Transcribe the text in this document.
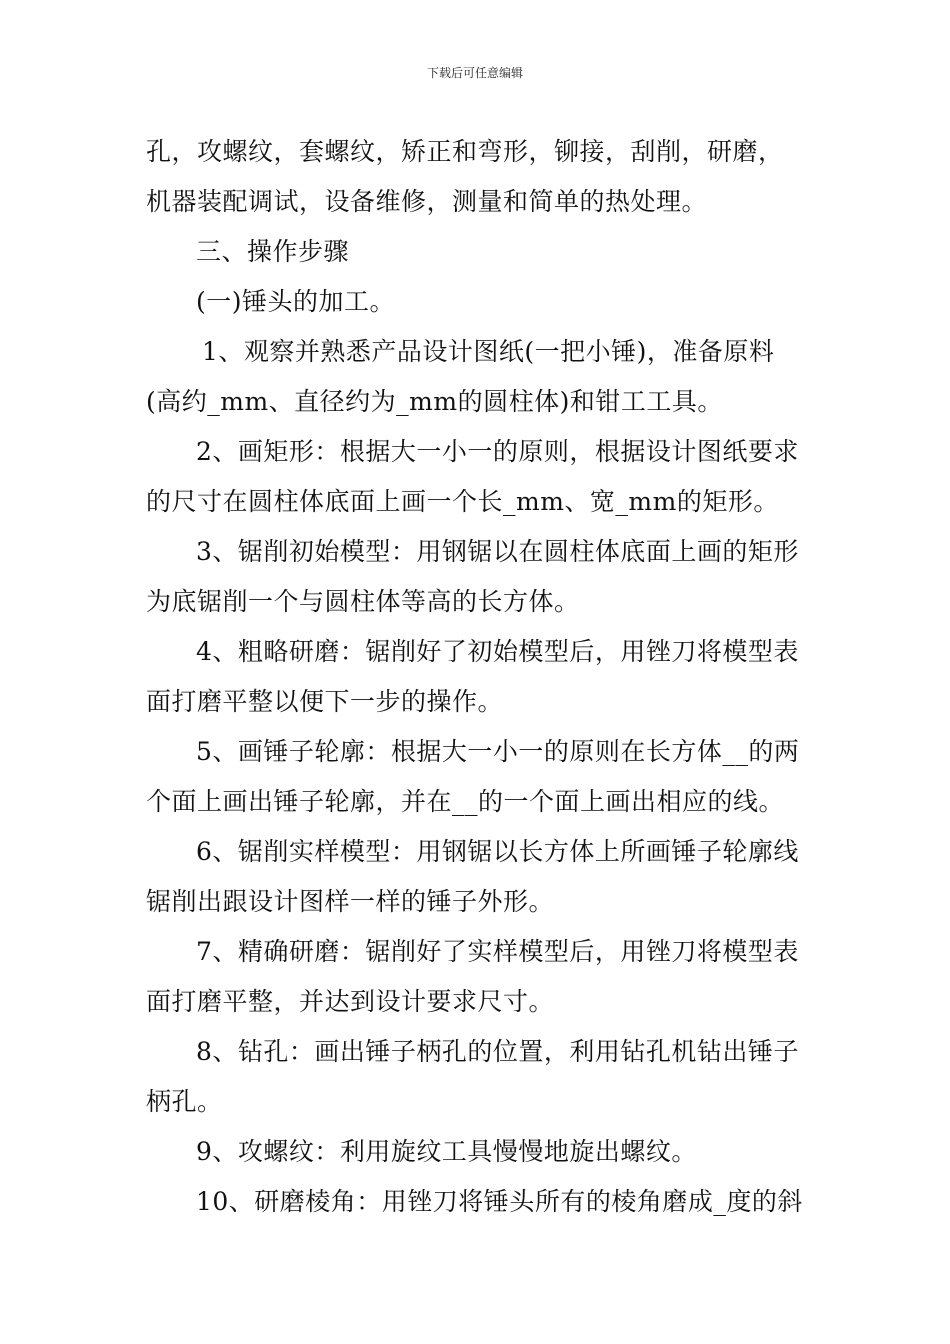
下载后可任意编辑
孔，攻螺纹，套螺纹，矫正和弯形，铆接，刮削，研磨，
机器装配调试，设备维修，测量和简单的热处理。
三、操作步骤
(一)锤头的加工。
1、观察并熟悉产品设计图纸(一把小锤)，准备原料
(高约_mm、直径约为_mm的圆柱体)和钳工工具。
2、画矩形：根据大一小一的原则，根据设计图纸要求
的尺寸在圆柱体底面上画一个长_mm、宽_mm的矩形。
3、锯削初始模型：用钢锯以在圆柱体底面上画的矩形
为底锯削一个与圆柱体等高的长方体。
4、粗略研磨：锯削好了初始模型后，用锉刀将模型表
面打磨平整以便下一步的操作。
5、画锤子轮廓：根据大一小一的原则在长方体__的两
个面上画出锤子轮廓，并在__的一个面上画出相应的线。
6、锯削实样模型：用钢锯以长方体上所画锤子轮廓线
锯削出跟设计图样一样的锤子外形。
7、精确研磨：锯削好了实样模型后，用锉刀将模型表
面打磨平整，并达到设计要求尺寸。
8、钻孔：画出锤子柄孔的位置，利用钻孔机钻出锤子
柄孔。
9、攻螺纹：利用旋纹工具慢慢地旋出螺纹。
10、研磨棱角：用锉刀将锤头所有的棱角磨成_度的斜
